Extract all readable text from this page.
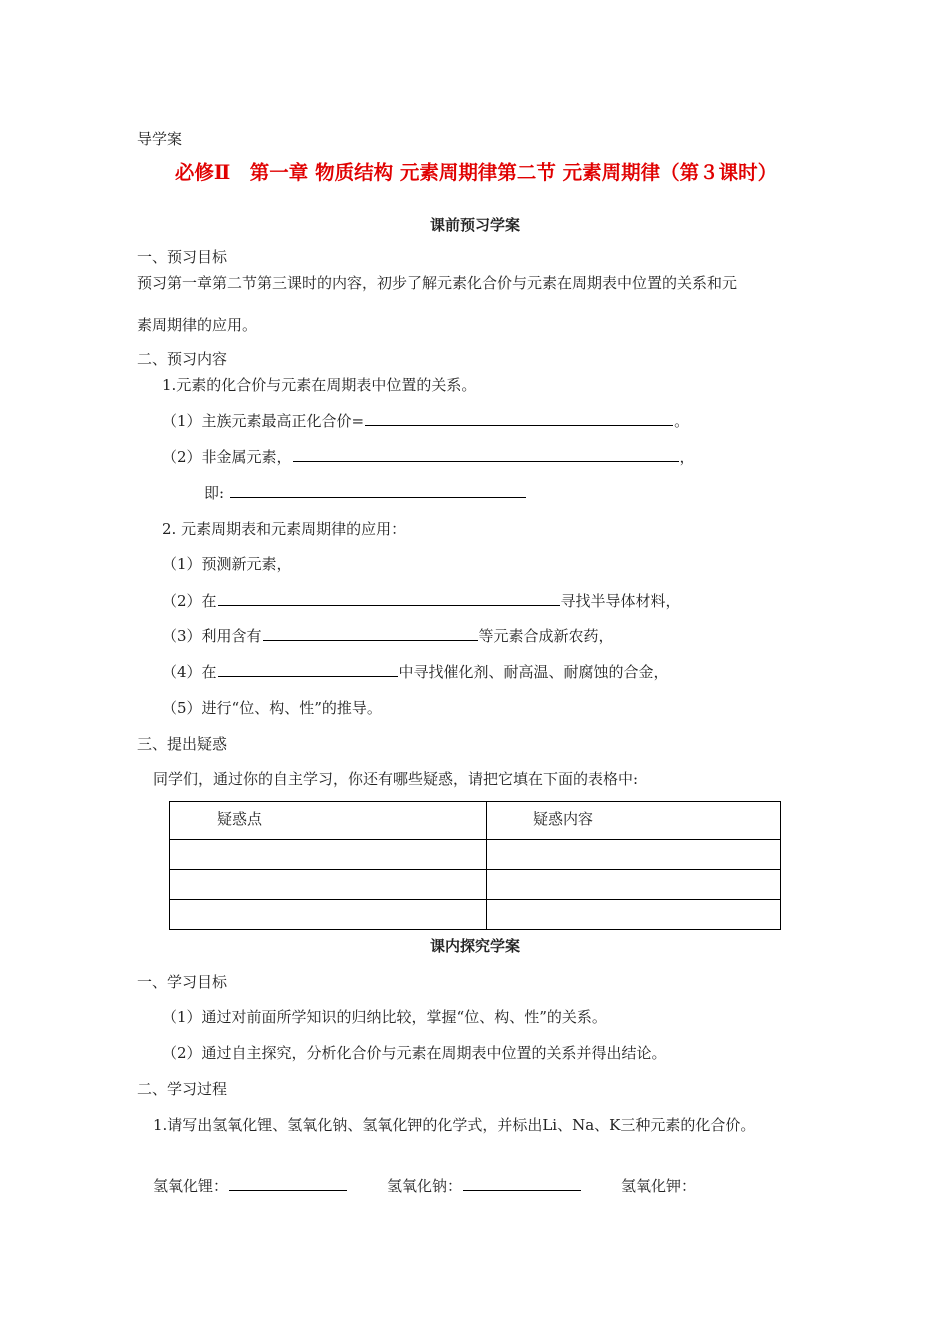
导学案
必修Ⅱ　第一章 物质结构 元素周期律第二节 元素周期律（第３课时）
课前预习学案
一、预习目标
预习第一章第二节第三课时的内容，初步了解元素化合价与元素在周期表中位置的关系和元
素周期律的应用。
二、预习内容
1.元素的化合价与元素在周期表中位置的关系。
（1）主族元素最高正化合价=	。
（2）非金属元素，	，
即:
2. 元素周期表和元素周期律的应用：
（1）预测新元素，
（2）在	寻找半导体材料，
（3）利用含有	等元素合成新农药，
（4）在	中寻找催化剂、耐高温、耐腐蚀的合金，
（5）进行“位、构、性”的推导。
三、提出疑惑
同学们，通过你的自主学习，你还有哪些疑惑，请把它填在下面的表格中:
疑惑点	疑惑内容

课内探究学案
一、学习目标
（1）通过对前面所学知识的归纳比较，掌握“位、构、性”的关系。
（2）通过自主探究，分析化合价与元素在周期表中位置的关系并得出结论。
二、学习过程
1.请写出氢氧化锂、氢氧化钠、氢氧化钾的化学式，并标出Li、Na、K三种元素的化合价。
氢氧化锂：	氢氧化钠：	氢氧化钾：
